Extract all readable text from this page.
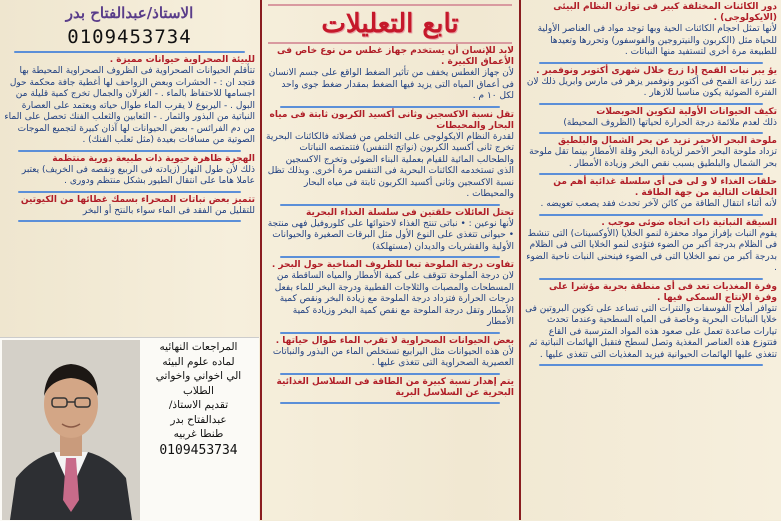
دور الكائنات المختلفة كبير فى توازن النظام البيئى (الايكولوجى) .
لأنها تمثل احجام الكائنات الحية وبها توجد مواد فى العناصر الأولية للحياة مثل (الكربون والنيتروجين والفوسفور) وتحررها وتعيدها للطبيعة مرة أخرى لتستفيد منها النباتات .
يؤ يبر نبات القمح إذا زرع خلال شهرى أكتوبر ونوفمبر .
عند زراعة القمح فى أكتوبر ونوفمبر يزهر فى مارس وابريل ذلك لان الفترة الضوئية يكون مناسبا للازهار .
تكيف الحيوانات الأولية لتكوين الحويصلات
ذلك لعدم ملائمة درجة الحرارة لحياتها (الظروف المحيطة)
ملوحة البحر الأحمر تزيد عن بحر الشمال والبلطيق
تزداد ملوحة البحر الأحمر لزيادة البخر وقلة الأمطار بينما تقل ملوحة بحر الشمال والبلطيق بسبب نقص البخر وزيادة الأمطار .
حلقات الغذاء لا و لى فى أى سلسلة غذائية أهم من الحلقات التالية من جهة الطاقة .
لأنه أثناء انتقال الطاقة من كائن لآخر تحدث فقد يصعب تعويضه .
السيقة النباتية ذات اتجاه ضوئى موجب .
يقوم النبات بإفراز مواد محفزة لنمو الخلايا (الأوكسينات) التى تنشط فى الظلام بدرجة أكبر من الضوء فتؤدى لنمو الخلايا التى فى الظلام بدرجة أكبر من نمو الخلايا التى فى الضوء فينحنى النبات ناحية الضوء .
وفرة المغذيات تعد فى أى منطقة بحرية مؤشرا على وفرة الإنتاج السمكى فيها .
تتوافر أملاح الفوسفات والنترات التى تساعد على تكوين البروتين فى خلايا النباتات البحرية وخاصة فى المياه السطحية وعندما تحدث تيارات صاعدة تعمل على صعود هذه المواد المترسبة فى القاع فتتوزع هذه العناصر المغذية وتصل لسطح فتقبل الهائمات النباتية ثم تتغذى عليها الهائمات الحيوانية فيزيد المغذيات التى تتغذى عليها .
تابع التعليلات
لابد للإنسان أن يستخدم جهاز غطس من نوع خاص فى الأعماق الكبيرة .
لأن جهاز الغطس يخفف من تأثير الضغط الواقع على جسم الانسان فى أعماق المياه التى يزيد فيها الضغط بمقدار ضغط جوى واحد لكل ١٠ م .
تقل نسبة الاكسجين وثانى أكسيد الكربون ثابتة فى مياه البحار والمحيطات
لقدرة النظام الايكولوجى على التخلص من فضلاته فالكائنات البحرية تخرج ثانى أكسيد الكربون (نواتج التنفس) فتتمتصه النباتات والطحالب المائية للقيام بعملية البناء الضوئى وتخرج الاكسجين الذى تستخدمه الكائنات البحرية فى التنفس مرة أخرى. وبذلك تظل نسبة الاكسجين وثانى أكسيد الكربون ثابتة فى مياه البحار والمحيطات .
تحتل العائلات حلقتين فى سلسلة الغذاء البحرية
لأنها نوعين : • نباتى تنتج الغذاء لاحتوائها على كلوروفيل فهى منتجة • حيوانى تتغذى على النوع الأول مثل البرقات الصغيرة والحيوانات الأولية والقشريات والديدان (مستهلكة)
تفاوت درجة الملوحة تبعا للظروف المناخية حول البحر .
لان درجة الملوحة تتوقف على كمية الأمطار والمياه الساقطة من المسطحات والمصبات والثلاجات القطبية ودرجة البخر للماء بفعل درجات الحرارة فتزداد درجة الملوحة مع زيادة البخر ونقص كمية الأمطار وتقل درجة الملوحة مع نقص كمية البخر وزيادة كمية الأمطار
بعض الحيوانات الصحراوية لا تقرب الماء طوال حياتها .
لأن هذه الحيوانات مثل اليرابيع تستخلص الماء من البذور والنباتات العصيرية الصحراوية التى تتغذى عليها .
يتم إهدار نسبة كبيرة من الطاقة فى السلاسل الغذائية البحرية عن السلاسل البرية
الاستاذ/عبدالفتاح بدر
0109453734
للبيئة الصحراوية حيوانات مميزة .
تتأقلم الحيوانات الصحراوية فى الظروف الصحراوية المحيطة بها فتجد ان : - الحشرات وبعض الزواحف لها أغطية جافة محكمة حول اجسامها للاحتفاظ بالماء . - الغزلان والجمال تخرج كمية قليلة من البول . - اليربوع لا يقرب الماء طوال حياته ويعتمد على العصارة النباتية من البذور والثمار . - الثعابين والثعلب الفنك تحصل على الماء من دم الفرائس - بعض الحيوانات لها آذان كبيرة لتجميع الموجات الصوتية من مسافات بعيدة (مثل ثعلب الفنك) .
الهجرة ظاهرة حيوية ذات طبيعة دورية منتظمة
ذلك لأن طول النهار (زيادته فى الربيع ونقصه فى الخريف) يعتبر عاملا هاما على انتقال الطيور بشكل منتظم ودورى .
تتميز بعض نباتات الصحراء بسمك غطائها من الكيوتين
للتقليل من الفقد فى الماء سواء بالنتح أو البخر
المراجعات النهائيه
لماده علوم البيئه
الي اخواني واخواتي
الطلاب
تقديم الاستاذ/
عبدالفتاح بدر
طنطا غربيه
0109453734
